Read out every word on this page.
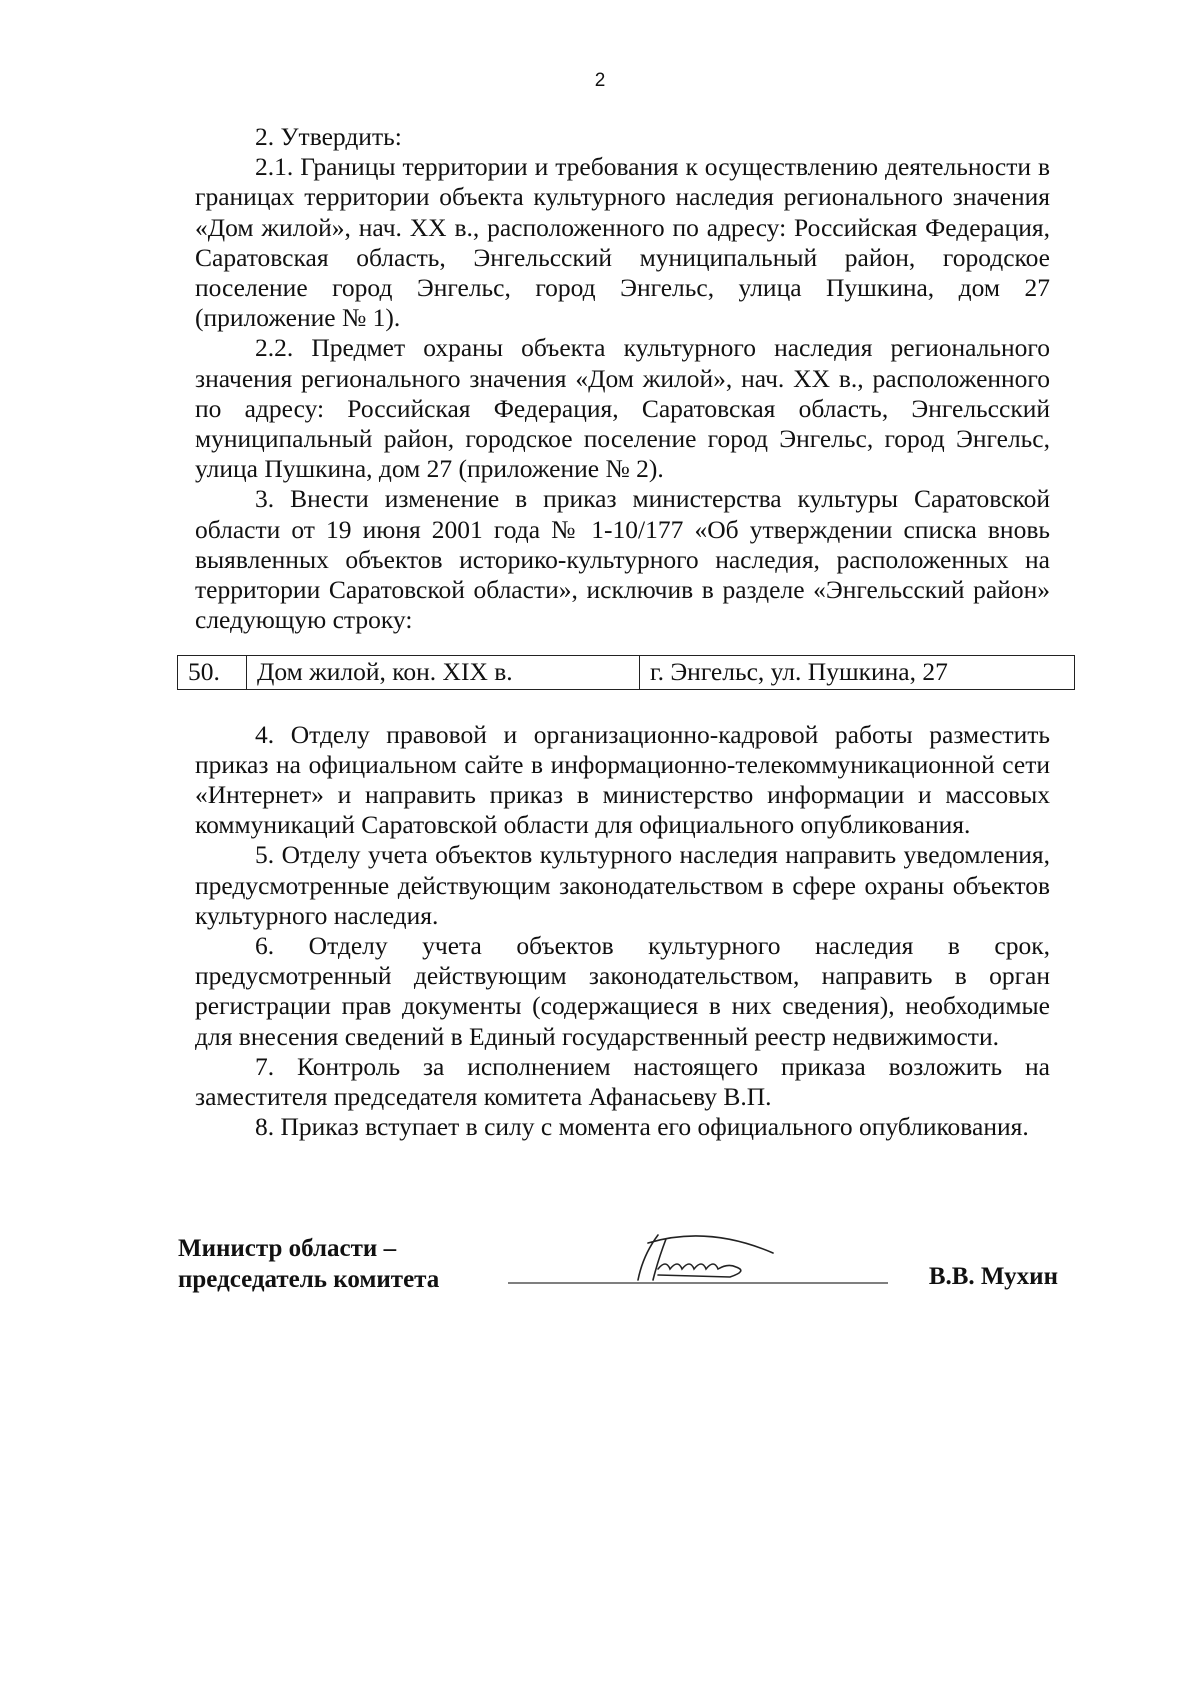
2

2. Утвердить:

2.1. Границы территории и требования к осуществлению деятельности в границах территории объекта культурного наследия регионального значения «Дом жилой», нач. XX в., расположенного по адресу: Российская Федерация, Саратовская область, Энгельсский муниципальный район, городское поселение город Энгельс, город Энгельс, улица Пушкина, дом 27 (приложение № 1).

2.2. Предмет охраны объекта культурного наследия регионального значения регионального значения «Дом жилой», нач. XX в., расположенного по адресу: Российская Федерация, Саратовская область, Энгельсский муниципальный район, городское поселение город Энгельс, город Энгельс, улица Пушкина, дом 27 (приложение № 2).

3. Внести изменение в приказ министерства культуры Саратовской области от 19 июня 2001 года № 1-10/177 «Об утверждении списка вновь выявленных объектов историко-культурного наследия, расположенных на территории Саратовской области», исключив в разделе «Энгельсский район» следующую строку:

50.	Дом жилой, кон. XIX в.	г. Энгельс, ул. Пушкина, 27

4. Отделу правовой и организационно-кадровой работы разместить приказ на официальном сайте в информационно-телекоммуникационной сети «Интернет» и направить приказ в министерство информации и массовых коммуникаций Саратовской области для официального опубликования.

5. Отделу учета объектов культурного наследия направить уведомления, предусмотренные действующим законодательством в сфере охраны объектов культурного наследия.

6. Отделу учета объектов культурного наследия в срок, предусмотренный действующим законодательством, направить в орган регистрации прав документы (содержащиеся в них сведения), необходимые для внесения сведений в Единый государственный реестр недвижимости.

7. Контроль за исполнением настоящего приказа возложить на заместителя председателя комитета Афанасьеву В.П.

8. Приказ вступает в силу с момента его официального опубликования.

Министр области –
председатель комитета	В.В. Мухин
